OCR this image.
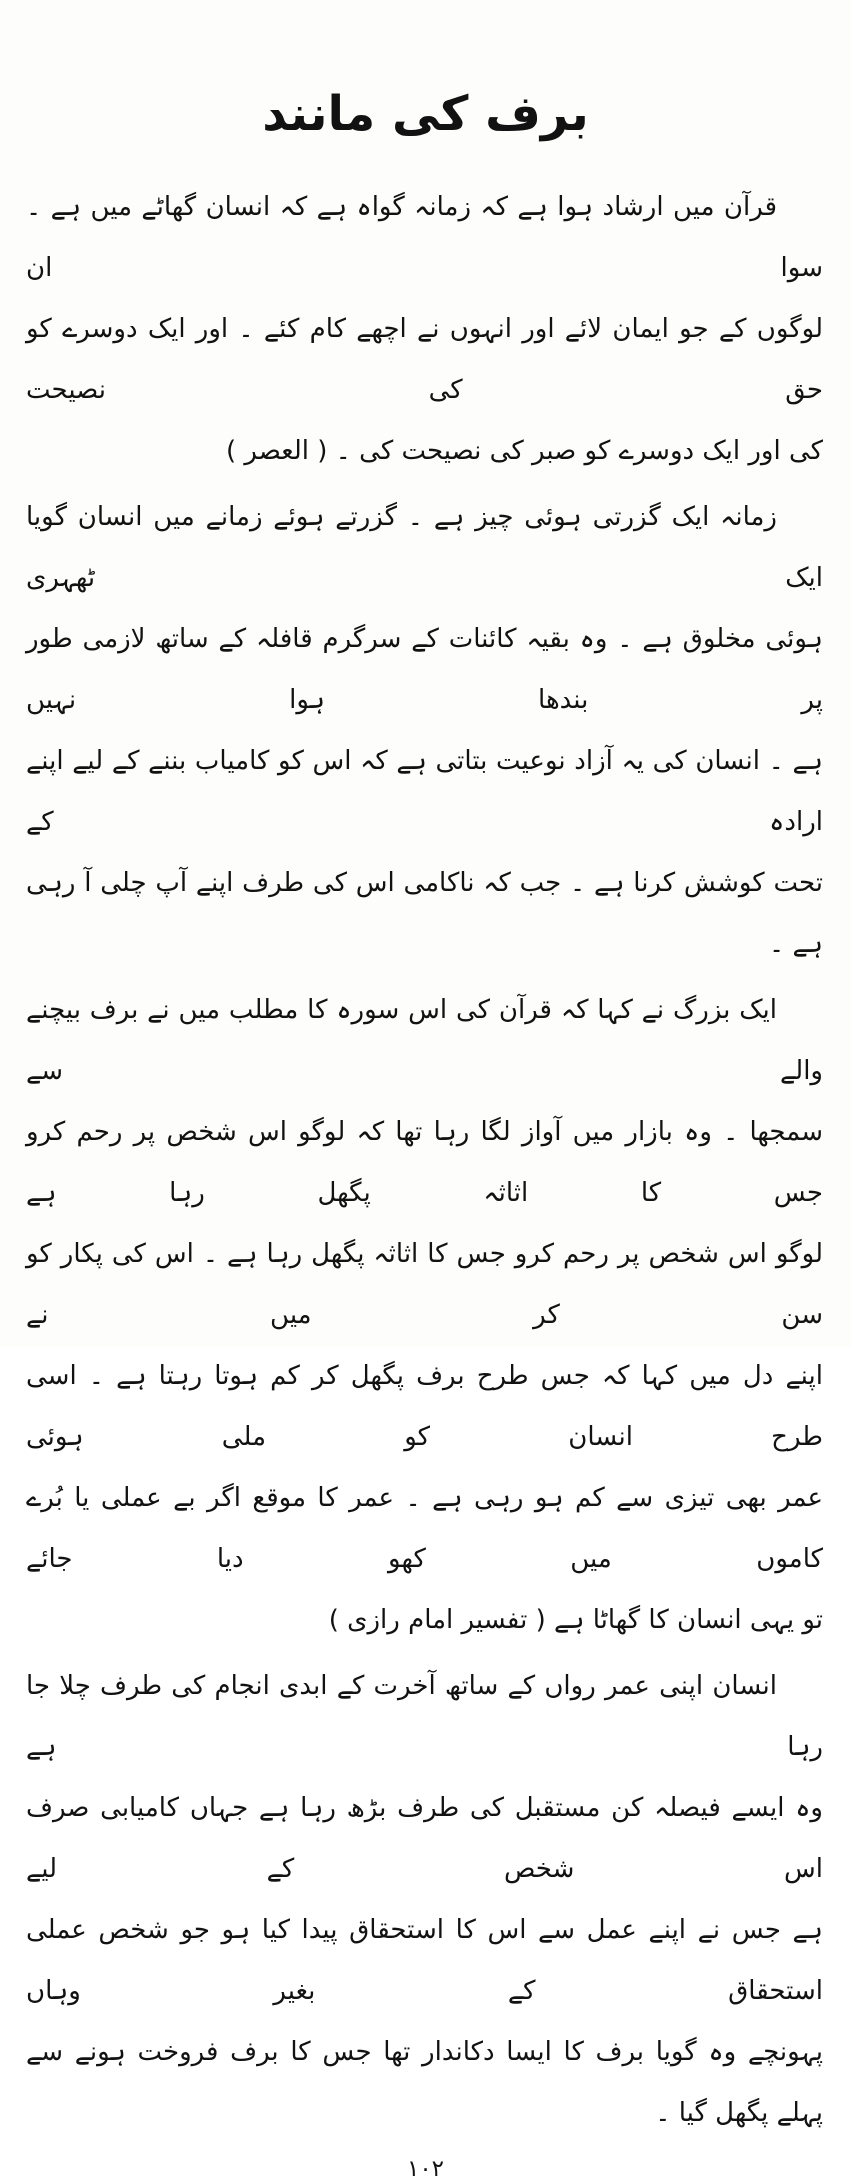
برف کی مانند
قرآن میں ارشاد ہوا ہے کہ زمانہ گواہ ہے کہ انسان گھاٹے میں ہے ۔ سوا ان
لوگوں کے جو ایمان لائے اور انہوں نے اچھے کام کئے ۔ اور ایک دوسرے کو حق کی نصیحت
کی اور ایک دوسرے کو صبر کی نصیحت کی ۔ ( العصر )
زمانہ ایک گزرتی ہوئی چیز ہے ۔ گزرتے ہوئے زمانے میں انسان گویا ایک ٹھہری
ہوئی مخلوق ہے ۔ وہ بقیہ کائنات کے سرگرم قافلہ کے ساتھ لازمی طور پر بندھا ہوا نہیں
ہے ۔ انسان کی یہ آزاد نوعیت بتاتی ہے کہ اس کو کامیاب بننے کے لیے اپنے ارادہ کے
تحت کوشش کرنا ہے ۔ جب کہ ناکامی اس کی طرف اپنے آپ چلی آ رہی ہے ۔
ایک بزرگ نے کہا کہ قرآن کی اس سورہ کا مطلب میں نے برف بیچنے والے سے
سمجھا ۔ وہ بازار میں آواز لگا رہا تھا کہ لوگو اس شخص پر رحم کرو جس کا اثاثہ پگھل رہا ہے
لوگو اس شخص پر رحم کرو جس کا اثاثہ پگھل رہا ہے ۔ اس کی پکار کو سن کر میں نے
اپنے دل میں کہا کہ جس طرح برف پگھل کر کم ہوتا رہتا ہے ۔ اسی طرح انسان کو ملی ہوئی
عمر بھی تیزی سے کم ہو رہی ہے ۔ عمر کا موقع اگر بے عملی یا بُرے کاموں میں کھو دیا جائے
تو یہی انسان کا گھاٹا ہے ( تفسیر امام رازی )
انسان اپنی عمر رواں کے ساتھ آخرت کے ابدی انجام کی طرف چلا جا رہا ہے
وہ ایسے فیصلہ کن مستقبل کی طرف بڑھ رہا ہے جہاں کامیابی صرف اس شخص کے لیے
ہے جس نے اپنے عمل سے اس کا استحقاق پیدا کیا ہو جو شخص عملی استحقاق کے بغیر وہاں
پہونچے وہ گویا برف کا ایسا دکاندار تھا جس کا برف فروخت ہونے سے پہلے پگھل گیا ۔
۱۰۲
